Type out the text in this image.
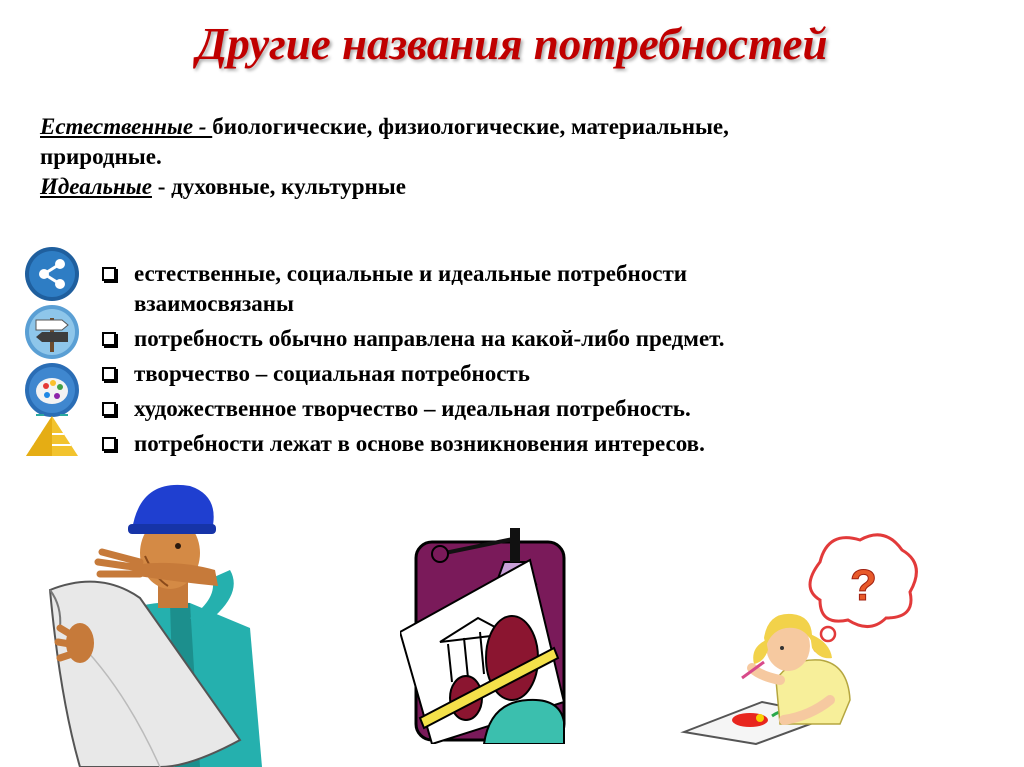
Другие названия потребностей
Естественные - биологические, физиологические, материальные,
природные.
Идеальные - духовные, культурные
естественные, социальные и идеальные потребности
взаимосвязаны
потребность обычно направлена на какой-либо предмет.
творчество – социальная потребность
художественное творчество – идеальная потребность.
потребности лежат в основе возникновения интересов.
?
